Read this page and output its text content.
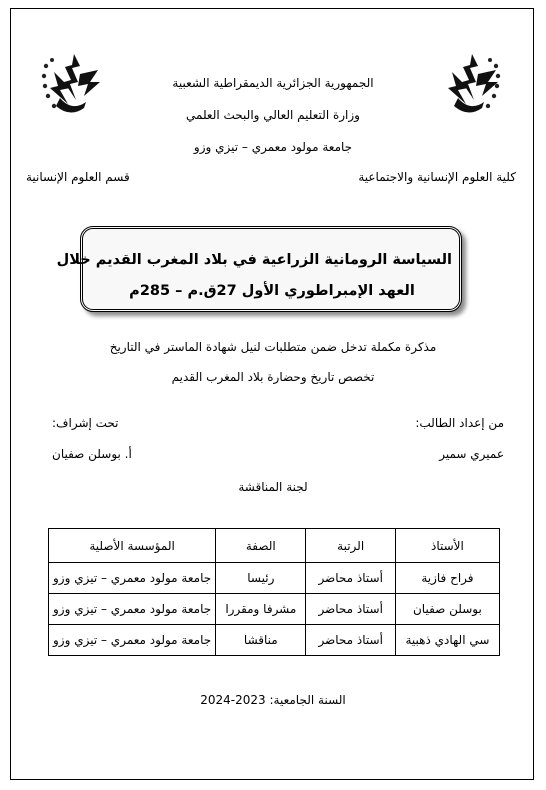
الجمهورية الجزائرية الديمقراطية الشعبية
وزارة التعليم العالي والبحث العلمي
جامعة مولود معمري – تيزي وزو
كلية العلوم الإنسانية والاجتماعية
قسم العلوم الإنسانية
السياسة الرومانية الزراعية في بلاد المغرب القديم خلال
العهد الإمبراطوري الأول 27ق.م – 285م
مذكرة مكملة تدخل ضمن متطلبات لنيل شهادة الماستر في التاريخ
تخصص تاريخ وحضارة بلاد المغرب القديم
من إعداد الطالب:
تحت إشراف:
عميري سمير
أ. بوسلن صفيان
لجنة المناقشة
الأستاذ	الرتبة	الصفة	المؤسسة الأصلية
فراح فازية	أستاذ محاضر	رئيسا	جامعة مولود معمري – تيزي وزو
بوسلن صفيان	أستاذ محاضر	مشرفا ومقررا	جامعة مولود معمري – تيزي وزو
سي الهادي ذهبية	أستاذ محاضر	مناقشا	جامعة مولود معمري – تيزي وزو
السنة الجامعية: 2023-2024
